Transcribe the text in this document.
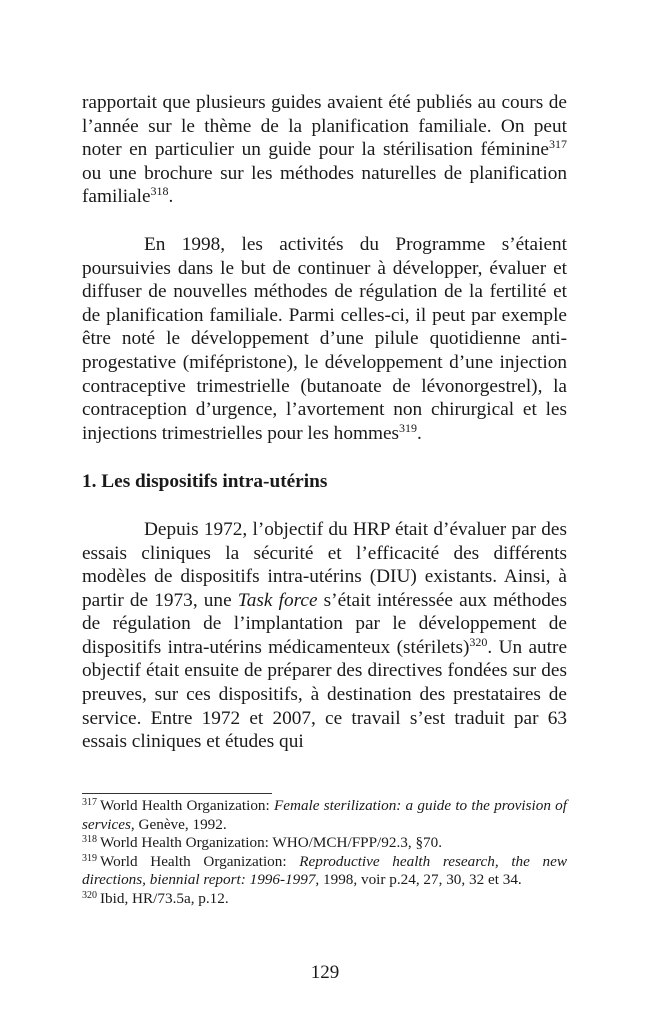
rapportait que plusieurs guides avaient été publiés au cours de l’année sur le thème de la planification familiale. On peut noter en particulier un guide pour la stérilisation féminine$^{317}$ ou une brochure sur les méthodes naturelles de planification familiale$^{318}$.

En 1998, les activités du Programme s’étaient poursuivies dans le but de continuer à développer, évaluer et diffuser de nouvelles méthodes de régulation de la fertilité et de planification familiale. Parmi celles-ci, il peut par exemple être noté le développement d’une pilule quotidienne anti-progestative (mifépristone), le développement d’une injection contraceptive trimestrielle (butanoate de lévonorgestrel), la contraception d’urgence, l’avortement non chirurgical et les injections trimestrielles pour les hommes$^{319}$.

1. Les dispositifs intra-utérins

Depuis 1972, l’objectif du HRP était d’évaluer par des essais cliniques la sécurité et l’efficacité des différents modèles de dispositifs intra-utérins (DIU) existants. Ainsi, à partir de 1973, une Task force s’était intéressée aux méthodes de régulation de l’implantation par le développement de dispositifs intra-utérins médicamenteux (stérilets)$^{320}$. Un autre objectif était ensuite de préparer des directives fondées sur des preuves, sur ces dispositifs, à destination des prestataires de service. Entre 1972 et 2007, ce travail s’est traduit par 63 essais cliniques et études qui

$^{317}$ World Health Organization: Female sterilization: a guide to the provision of services, Genève, 1992.

$^{318}$ World Health Organization: WHO/MCH/FPP/92.3, §70.

$^{319}$ World Health Organization: Reproductive health research, the new directions, biennial report: 1996-1997, 1998, voir p.24, 27, 30, 32 et 34.

$^{320}$ Ibid, HR/73.5a, p.12.

129
